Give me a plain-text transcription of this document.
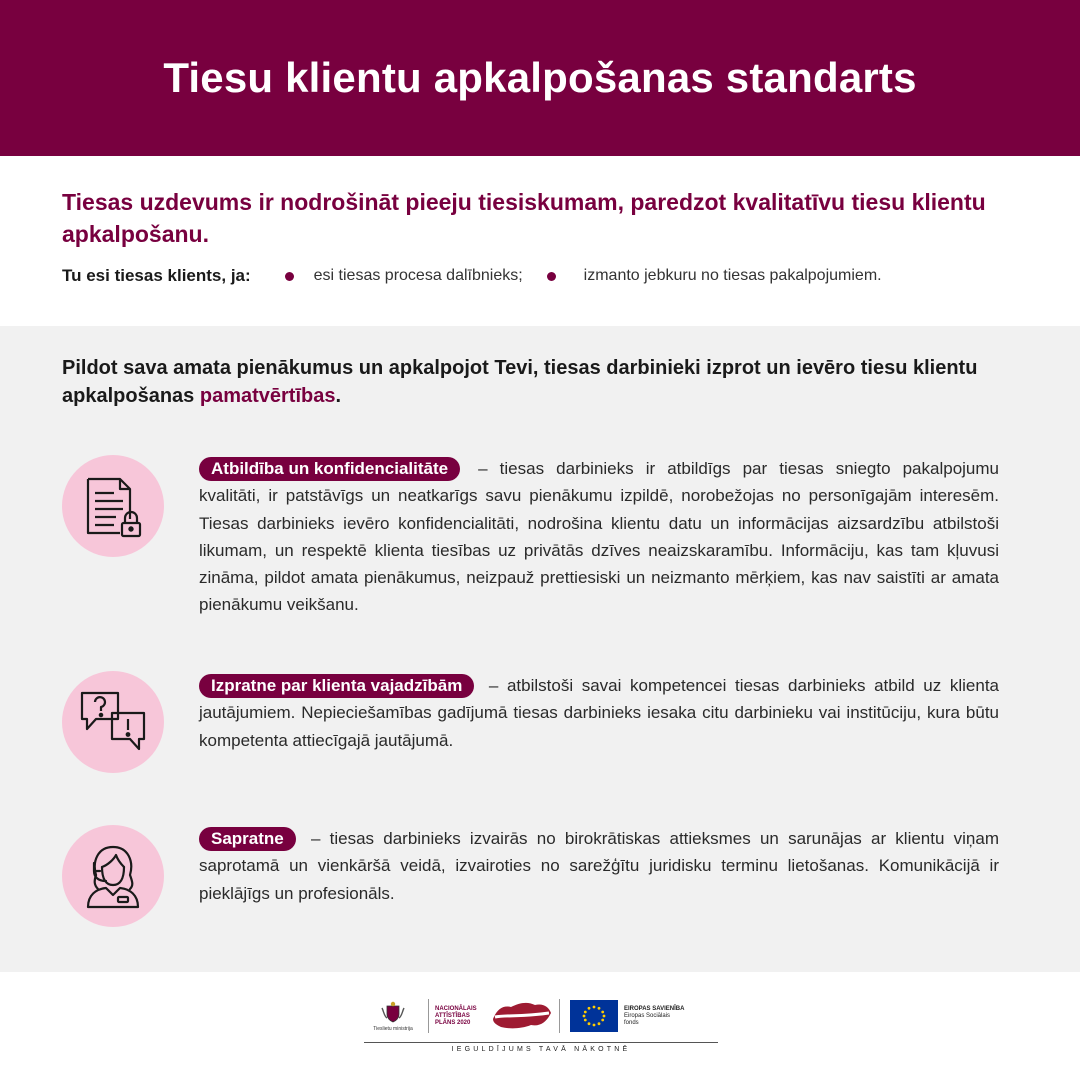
Tiesu klientu apkalpošanas standarts
Tiesas uzdevums ir nodrošināt pieeju tiesiskumam, paredzot kvalitatīvu tiesu klientu apkalpošanu.
Tu esi tiesas klients, ja:	esi tiesas procesa dalībnieks;	izmanto jebkuru no tiesas pakalpojumiem.
Pildot sava amata pienākumus un apkalpojot Tevi, tiesas darbinieki izprot un ievēro tiesu klientu apkalpošanas pamatvērtības.
Atbildība un konfidencialitāte – tiesas darbinieks ir atbildīgs par tiesas sniegto pakalpojumu kvalitāti, ir patstāvīgs un neatkarīgs savu pienākumu izpildē, norobežojas no personīgajām interesēm. Tiesas darbinieks ievēro konfidencialitāti, nodrošina klientu datu un informācijas aizsardzību atbilstoši likumam, un respektē klienta tiesības uz privātās dzīves neaizskaramību. Informāciju, kas tam kļuvusi zināma, pildot amata pienākumus, neizpauž prettiesiski un neizmanto mērķiem, kas nav saistīti ar amata pienākumu veikšanu.
Izpratne par klienta vajadzībām – atbilstoši savai kompetencei tiesas darbinieks atbild uz klienta jautājumiem. Nepieciešamības gadījumā tiesas darbinieks iesaka citu darbinieku vai institūciju, kura būtu kompetenta attiecīgajā jautājumā.
Sapratne – tiesas darbinieks izvairās no birokrātiskas attieksmes un sarunājas ar klientu viņam saprotamā un vienkāršā veidā, izvairoties no sarežģītu juridisku terminu lietošanas. Komunikācijā ir pieklājīgs un profesionāls.
Tieslietu ministrija
NACIONĀLAIS
ATTĪSTĪBAS
PLĀNS 2020
EIROPAS SAVIENĪBA
Eiropas Sociālais
fonds
IEGULDĪJUMS TAVĀ NĀKOTNĒ
